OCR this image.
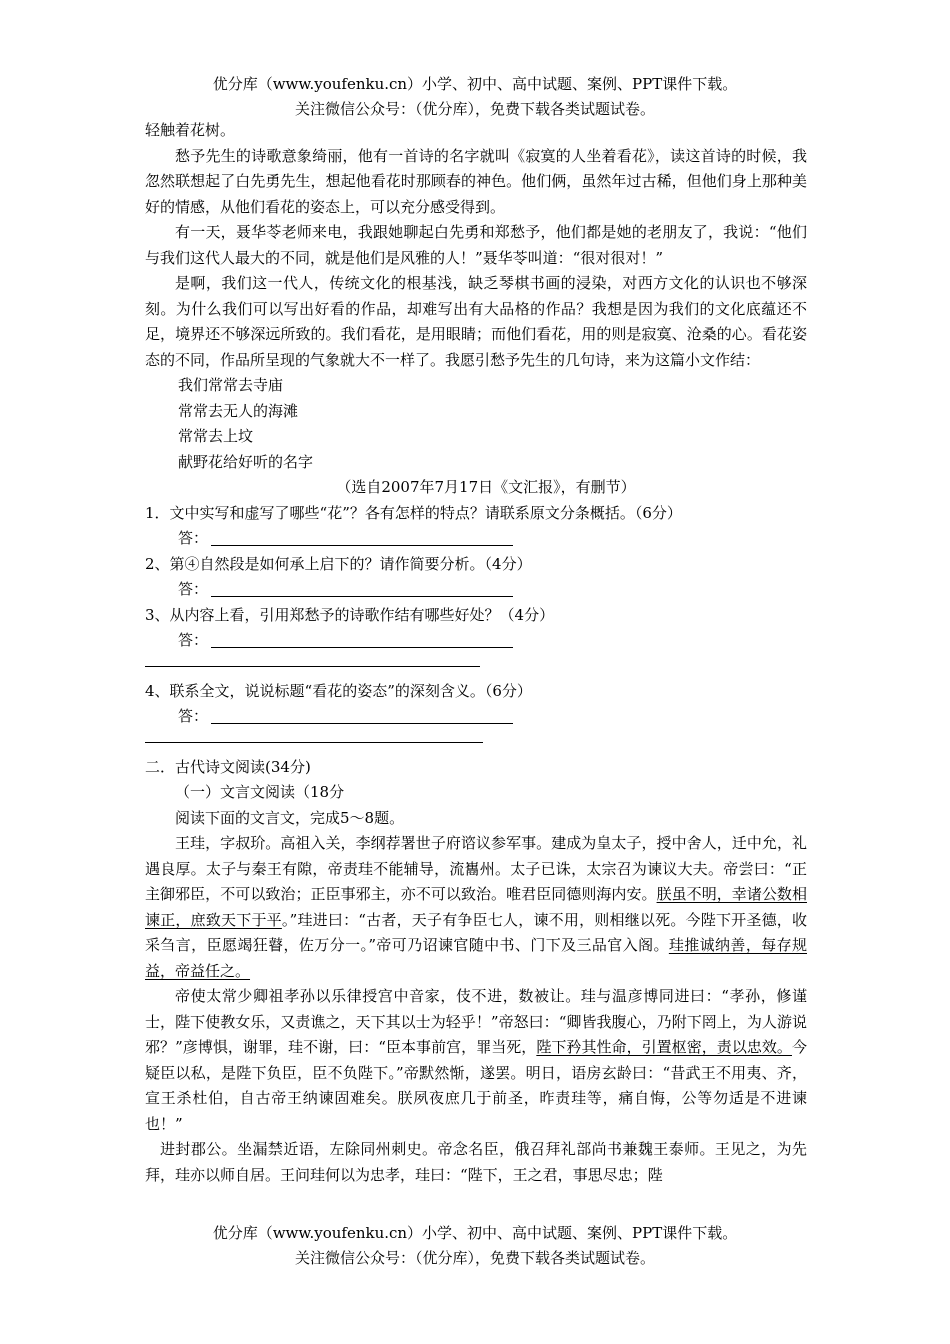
优分库（www.youfenku.cn）小学、初中、高中试题、案例、PPT课件下载。
关注微信公众号：（优分库），免费下载各类试题试卷。

轻触着花树。

愁予先生的诗歌意象绮丽，他有一首诗的名字就叫《寂寞的人坐着看花》，读这首诗的时候，我忽然联想起了白先勇先生，想起他看花时那顾春的神色。他们俩，虽然年过古稀，但他们身上那种美好的情感，从他们看花的姿态上，可以充分感受得到。

有一天，聂华苓老师来电，我跟她聊起白先勇和郑愁予，他们都是她的老朋友了，我说：“他们与我们这代人最大的不同，就是他们是风雅的人！”聂华苓叫道：“很对很对！”

是啊，我们这一代人，传统文化的根基浅，缺乏琴棋书画的浸染，对西方文化的认识也不够深刻。为什么我们可以写出好看的作品，却难写出有大品格的作品？我想是因为我们的文化底蕴还不足，境界还不够深远所致的。我们看花，是用眼睛；而他们看花，用的则是寂寞、沧桑的心。看花姿态的不同，作品所呈现的气象就大不一样了。我愿引愁予先生的几句诗，来为这篇小文作结：

我们常常去寺庙

常常去无人的海滩

常常去上坟

献野花给好听的名字

（选自2007年7月17日《文汇报》，有删节）

1．文中实写和虚写了哪些“花”？各有怎样的特点？请联系原文分条概括。（6分）

答：

2、第④自然段是如何承上启下的？请作简要分析。（4分）

答：

3、从内容上看，引用郑愁予的诗歌作结有哪些好处？（4分）

答：

4、联系全文，说说标题“看花的姿态”的深刻含义。（6分）

答：

二．古代诗文阅读(34分)

（一）文言文阅读（18分

阅读下面的文言文，完成5～8题。

王珪，字叔玠。高祖入关，李纲荐署世子府谘议参军事。建成为皇太子，授中舍人，迁中允，礼遇良厚。太子与秦王有隙，帝责珪不能辅导，流巂州。太子已诛，太宗召为谏议大夫。帝尝曰：“正主御邪臣，不可以致治；正臣事邪主，亦不可以致治。唯君臣同德则海内安。朕虽不明，幸诸公数相谏正，庶致天下于平。”珪进曰：“古者，天子有争臣七人，谏不用，则相继以死。今陛下开圣德，收采刍言，臣愿竭狂瞽，佐万分一。”帝可乃诏谏官随中书、门下及三品官入阁。珪推诚纳善，每存规益，帝益任之。

帝使太常少卿祖孝孙以乐律授宫中音家，伎不进，数被让。珪与温彦博同进曰：“孝孙，修谨士，陛下使教女乐，又责谯之，天下其以士为轻乎！”帝怒曰：“卿皆我腹心，乃附下罔上，为人游说邪？”彦博惧，谢罪，珪不谢，曰：“臣本事前宫，罪当死，陛下矜其性命，引置枢密，责以忠效。今疑臣以私，是陛下负臣，臣不负陛下。”帝默然惭，遂罢。明日，语房玄龄曰：“昔武王不用夷、齐，宣王杀杜伯，自古帝王纳谏固难矣。朕夙夜庶几于前圣，昨责珪等，痛自悔，公等勿适是不进谏也！”

进封郡公。坐漏禁近语，左除同州刺史。帝念名臣，俄召拜礼部尚书兼魏王泰师。王见之，为先拜，珪亦以师自居。王问珪何以为忠孝，珪曰：“陛下，王之君，事思尽忠；陛

优分库（www.youfenku.cn）小学、初中、高中试题、案例、PPT课件下载。
关注微信公众号：（优分库），免费下载各类试题试卷。
